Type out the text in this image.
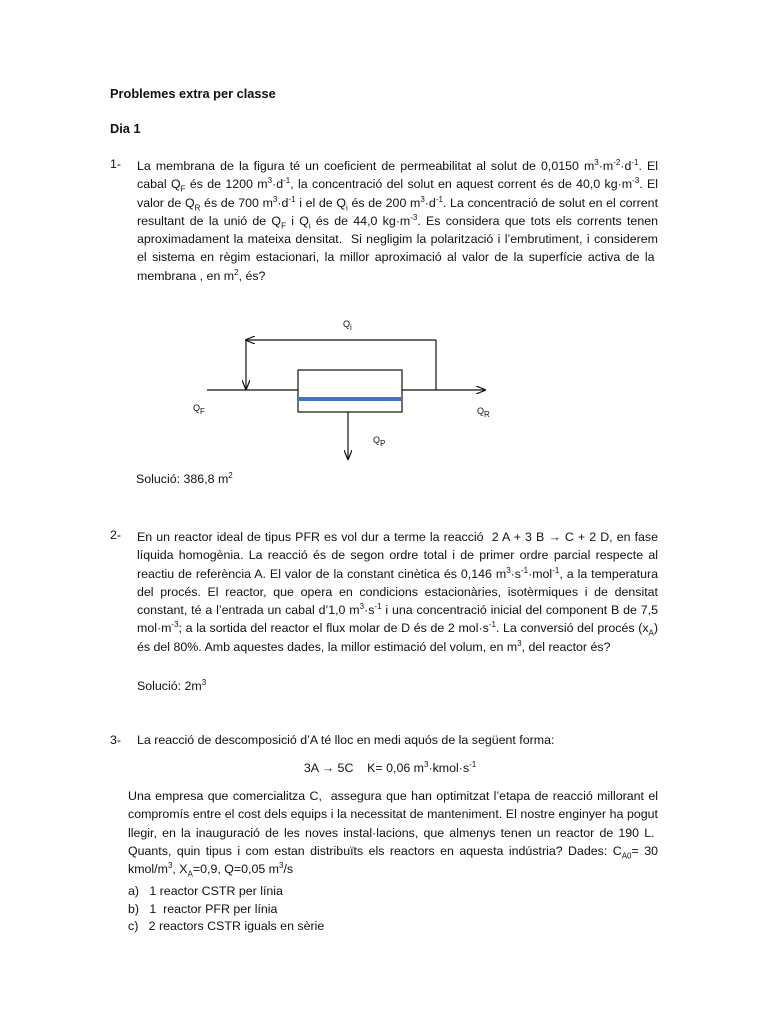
Problemes extra per classe
Dia 1
1-	La membrana de la figura té un coeficient de permeabilitat al solut de 0,0150 $m^3\cdot m^{-2}\cdot d^{-1}$. El cabal $Q_F$ és de 1200 $m^3\cdot d^{-1}$, la concentració del solut en aquest corrent és de 40,0 $kg\cdot m^{-3}$. El valor de $Q_R$ és de 700 $m^3\cdot d^{-1}$ i el de $Q_i$ és de 200 $m^3\cdot d^{-1}$. La concentració de solut en el corrent resultant de la unió de $Q_F$ i $Q_i$ és de 44,0 $kg\cdot m^{-3}$. Es considera que tots els corrents tenen aproximadament la mateixa densitat.  Si negligim la polarització i l’embrutiment, i considerem el sistema en règim estacionari, la millor aproximació al valor de la superfície activa de la  membrana , en $m^2$, és?

$Q_i$
$Q_F$	$Q_R$
$Q_P$
Solució: 386,8 $m^2$
2-	En un reactor ideal de tipus PFR es vol dur a terme la reacció  2 A + 3 B → C + 2 D, en fase líquida homogènia. La reacció és de segon ordre total i de primer ordre parcial respecte al reactiu de referència A. El valor de la constant cinètica és 0,146 $m^3\cdot s^{-1}\cdot mol^{-1}$, a la temperatura del procés. El reactor, que opera en condicions estacionàries, isotèrmiques i de densitat constant, té a l’entrada un cabal d’1,0 $m^3\cdot s^{-1}$ i una concentració inicial del component B de 7,5 $mol\cdot m^{-3}$; a la sortida del reactor el flux molar de D és de 2 $mol\cdot s^{-1}$. La conversió del procés $(x_A)$ és del 80%. Amb aquestes dades, la millor estimació del volum, en $m^3$, del reactor és?

Solució: $2m^3$
3-	La reacció de descomposició d’A té lloc en medi aquós de la següent forma:
3A → 5C    K= 0,06 $m^3\cdot kmol\cdot s^{-1}$

Una empresa que comercialitza C,  assegura que han optimitzat l’etapa de reacció millorant el compromís entre el cost dels equips i la necessitat de manteniment. El nostre enginyer ha pogut llegir, en la inauguració de les noves instal·lacions, que almenys tenen un reactor de 190 L.  Quants, quin tipus i com estan distribuïts els reactors en aquesta indústria? Dades: $C_{A0}= 30$ kmol/$m^3$, $X_A=0,9$, Q=0,05 $m^3/s$

a)   1 reactor CSTR per línia
b)   1  reactor PFR per línia
c)   2 reactors CSTR iguals en sèrie
